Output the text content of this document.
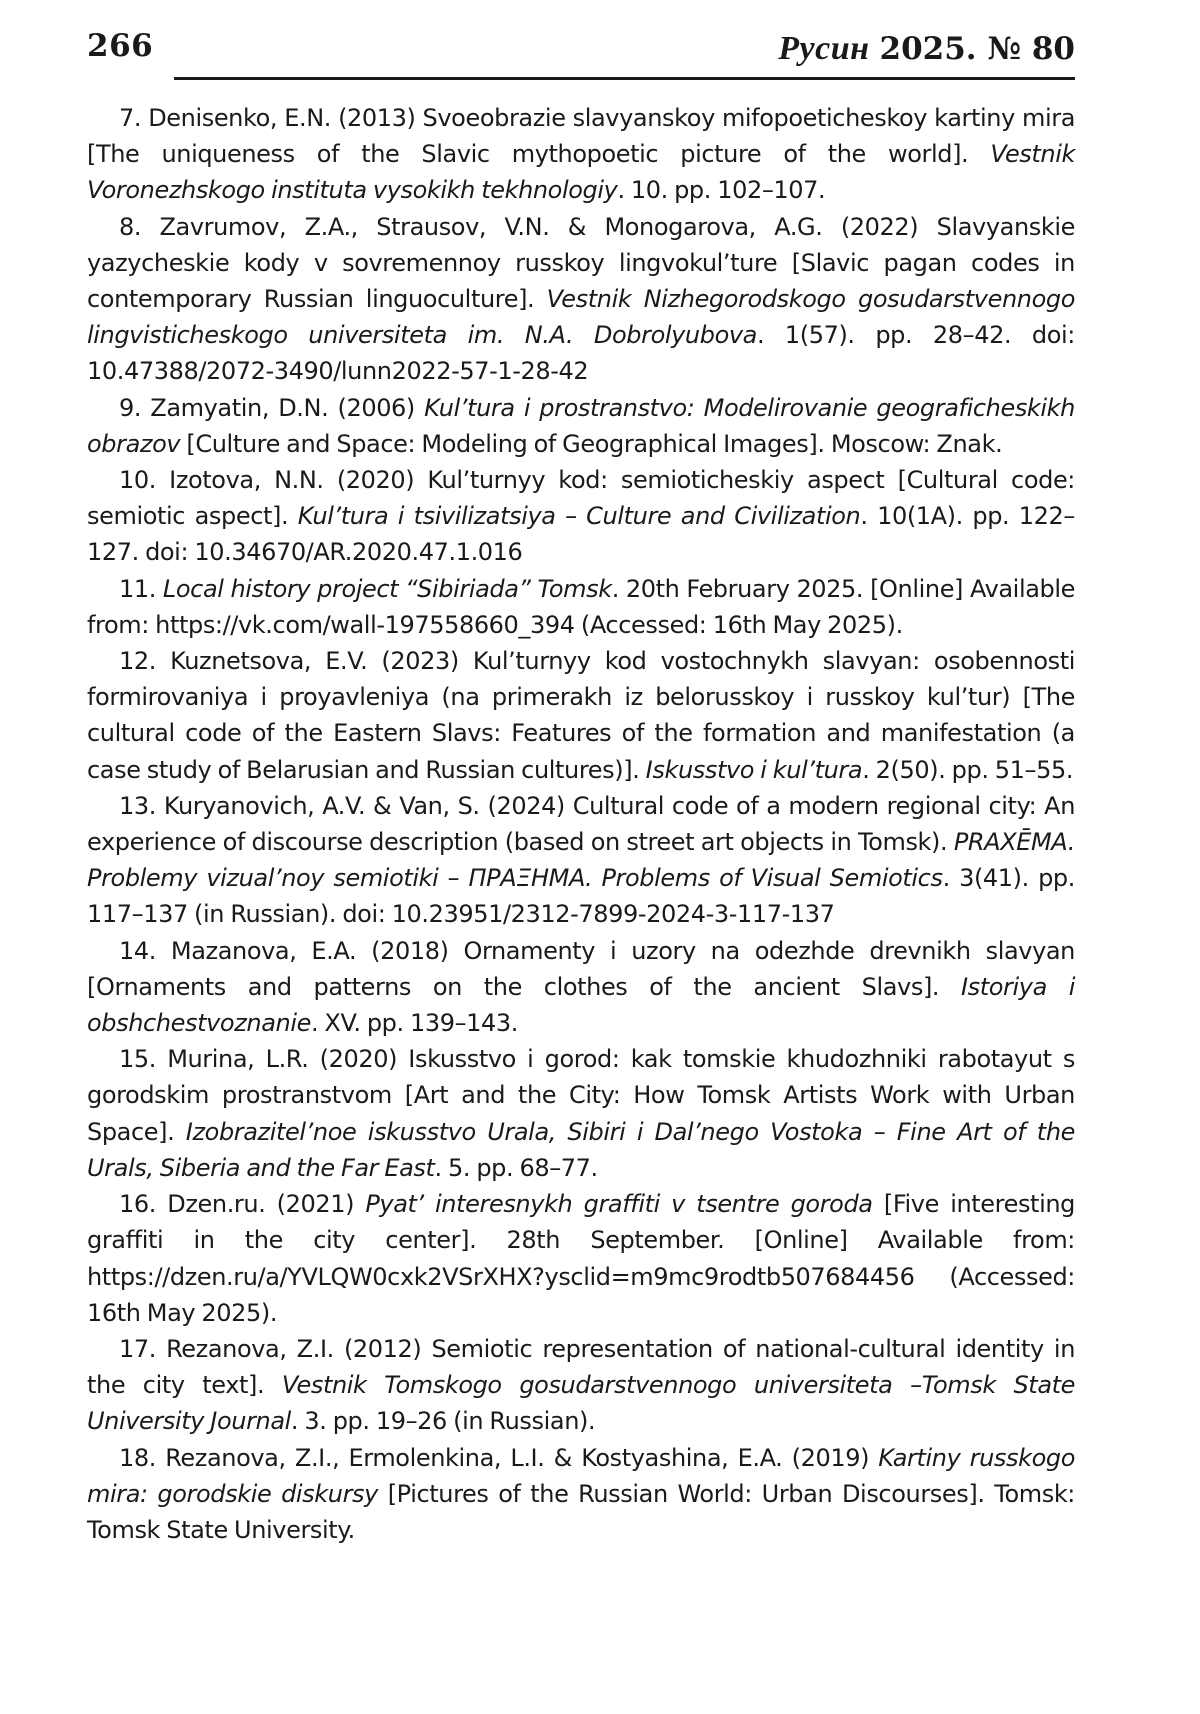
266	Русин 2025. № 80

7. Denisenko, E.N. (2013) Svoeobrazie slavyanskoy mifopoeticheskoy kartiny mira [The uniqueness of the Slavic mythopoetic picture of the world]. Vestnik Voronezhskogo instituta vysokikh tekhnologiy. 10. pp. 102–107.

8. Zavrumov, Z.A., Strausov, V.N. & Monogarova, A.G. (2022) Slavyanskie yazycheskie kody v sovremennoy russkoy lingvokul’ture [Slavic pagan codes in contemporary Russian linguoculture]. Vestnik Nizhegorodskogo gosudarstvennogo lingvisticheskogo universiteta im. N.A. Dobrolyubova. 1(57). pp. 28–42. doi: 10.47388/2072-3490/lunn2022-57-1-28-42

9. Zamyatin, D.N. (2006) Kul’tura i prostranstvo: Modelirovanie geograficheskikh obrazov [Culture and Space: Modeling of Geographical Images]. Moscow: Znak.

10. Izotova, N.N. (2020) Kul’turnyy kod: semioticheskiy aspect [Cultural code: semiotic aspect]. Kul’tura i tsivilizatsiya – Culture and Civilization. 10(1A). pp. 122–127. doi: 10.34670/AR.2020.47.1.016

11. Local history project “Sibiriada” Tomsk. 20th February 2025. [Online] Available from: https://vk.com/wall-197558660_394 (Accessed: 16th May 2025).

12. Kuznetsova, E.V. (2023) Kul’turnyy kod vostochnykh slavyan: osobennosti formirovaniya i proyavleniya (na primerakh iz belorusskoy i russkoy kul’tur) [The cultural code of the Eastern Slavs: Features of the formation and manifestation (a case study of Belarusian and Russian cultures)]. Iskusstvo i kul’tura. 2(50). pp. 51–55.

13. Kuryanovich, A.V. & Van, S. (2024) Cultural code of a modern regional city: An experience of discourse description (based on street art objects in Tomsk). PRAXĒMA. Problemy vizual’noy semiotiki – ΠΡΑΞΗΜΑ. Problems of Visual Semiotics. 3(41). pp. 117–137 (in Russian). doi: 10.23951/2312-7899-2024-3-117-137

14. Mazanova, E.A. (2018) Ornamenty i uzory na odezhde drevnikh slavyan [Ornaments and patterns on the clothes of the ancient Slavs]. Istoriya i obshchestvoznanie. XV. pp. 139–143.

15. Murina, L.R. (2020) Iskusstvo i gorod: kak tomskie khudozhniki rabotayut s gorodskim prostranstvom [Art and the City: How Tomsk Artists Work with Urban Space]. Izobrazitel’noe iskusstvo Urala, Sibiri i Dal’nego Vostoka – Fine Art of the Urals, Siberia and the Far East. 5. pp. 68–77.

16. Dzen.ru. (2021) Pyat’ interesnykh graffiti v tsentre goroda [Five interesting graffiti in the city center]. 28th September. [Online] Available from: https://dzen.ru/a/YVLQW0cxk2VSrXHX?ysclid=m9mc9rodtb507684456 (Accessed: 16th May 2025).

17. Rezanova, Z.I. (2012) Semiotic representation of national-cultural identity in the city text]. Vestnik Tomskogo gosudarstvennogo universiteta –Tomsk State University Journal. 3. pp. 19–26 (in Russian).

18. Rezanova, Z.I., Ermolenkina, L.I. & Kostyashina, E.A. (2019) Kartiny russkogo mira: gorodskie diskursy [Pictures of the Russian World: Urban Discourses]. Tomsk: Tomsk State University.
